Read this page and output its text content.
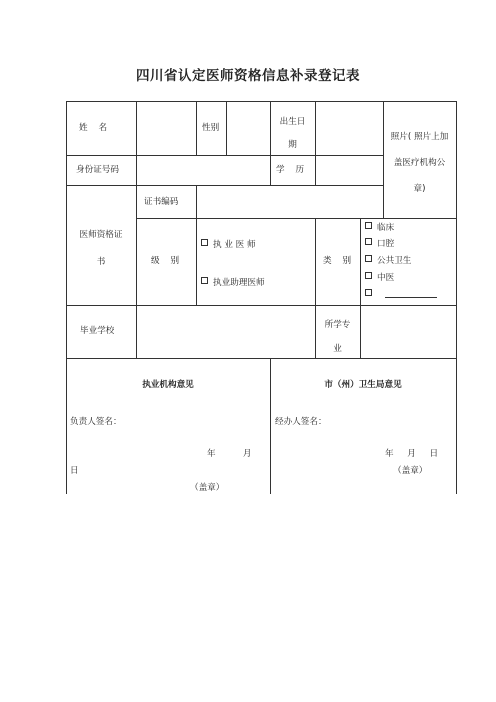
四川省认定医师资格信息补录登记表
姓    名	性别
出生日
期
照片( 照片上加
盖医疗机构公
章)
身份证号码	学    历
医师资格证
书
证书编码
级    别
执 业 医 师
执业助理医师
类    别
临床
口腔
公共卫生
中医
毕业学校
所学专
业
执业机构意见
负责人签名：
年          月
日
（盖章）
市（州）卫生局意见
经办人签名：
年     月     日
（盖章）
